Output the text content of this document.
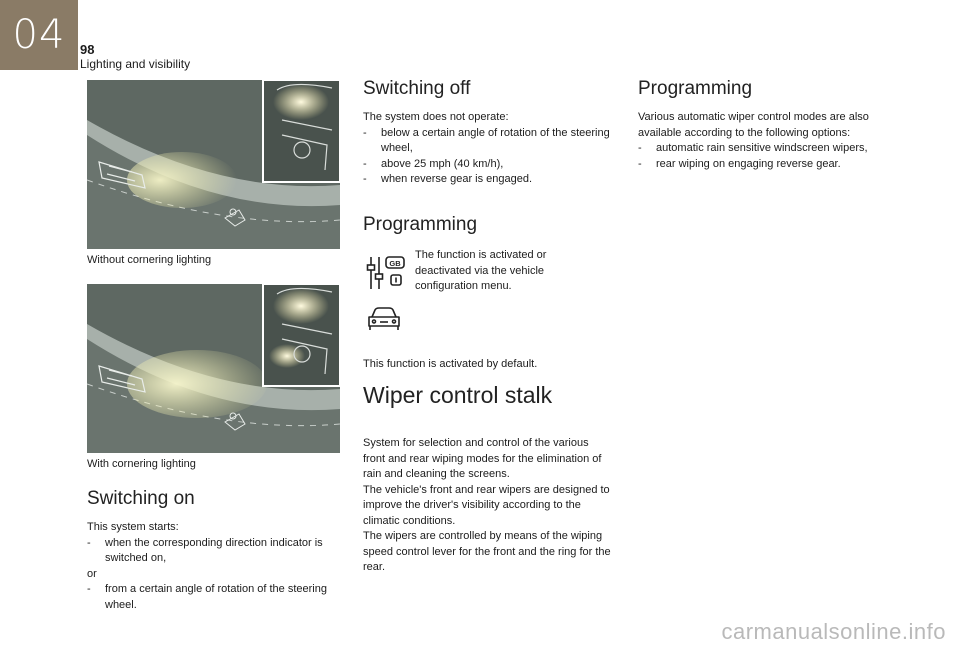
04	98
Lighting and visibility
Without cornering lighting
With cornering lighting
Switching on

This system starts:

- when the corresponding direction indicator is switched on,
or
- from a certain angle of rotation of the steering wheel.
Switching off

The system does not operate:

- below a certain angle of rotation of the steering wheel,
- above 25 mph (40 km/h),
- when reverse gear is engaged.
Programming
GB

The function is activated or deactivated via the vehicle configuration menu.

This function is activated by default.

Wiper control stalk

System for selection and control of the various front and rear wiping modes for the elimination of rain and cleaning the screens.

The vehicle's front and rear wipers are designed to improve the driver's visibility according to the climatic conditions.

The wipers are controlled by means of the wiping speed control lever for the front and the ring for the rear.

Programming

Various automatic wiper control modes are also available according to the following options:

- automatic rain sensitive windscreen wipers,
- rear wiping on engaging reverse gear.
carmanualsonline.info
